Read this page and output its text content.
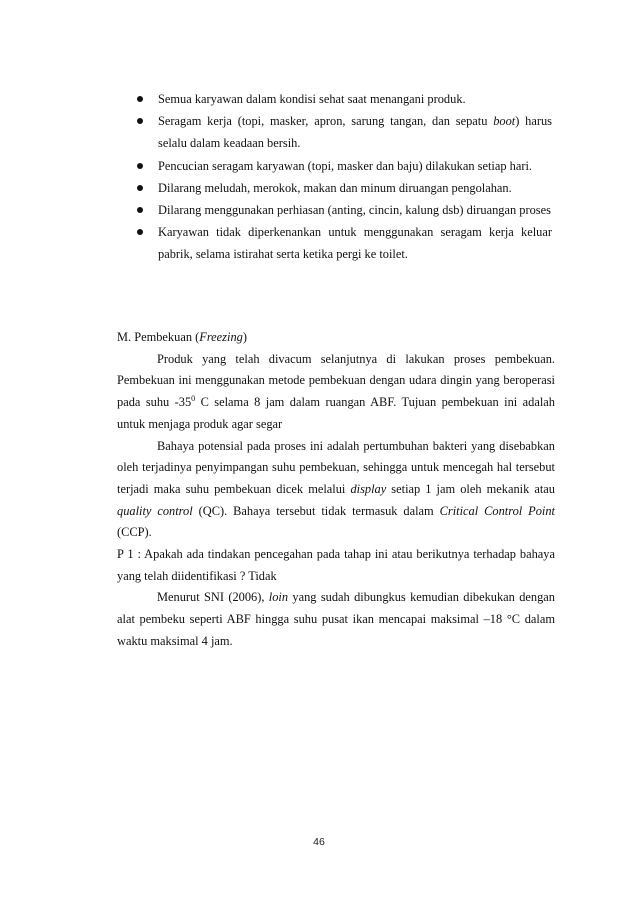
Semua karyawan dalam kondisi sehat saat menangani produk.
Seragam kerja (topi, masker, apron, sarung tangan, dan sepatu boot) harus selalu dalam keadaan bersih.
Pencucian seragam karyawan (topi, masker dan baju) dilakukan setiap hari.
Dilarang meludah, merokok, makan dan minum diruangan pengolahan.
Dilarang menggunakan perhiasan (anting, cincin, kalung dsb) diruangan proses
Karyawan tidak diperkenankan untuk menggunakan seragam kerja keluar pabrik, selama istirahat serta ketika pergi ke toilet.

M. Pembekuan (Freezing)

Produk yang telah divacum selanjutnya di lakukan proses pembekuan. Pembekuan ini menggunakan metode pembekuan dengan udara dingin yang beroperasi pada suhu $-35^0$ C selama 8 jam dalam ruangan ABF. Tujuan pembekuan ini adalah untuk menjaga produk agar segar

Bahaya potensial pada proses ini adalah pertumbuhan bakteri yang disebabkan oleh terjadinya penyimpangan suhu pembekuan, sehingga untuk mencegah hal tersebut terjadi maka suhu pembekuan dicek melalui display setiap 1 jam oleh mekanik atau quality control (QC). Bahaya tersebut tidak termasuk dalam Critical Control Point (CCP).

P 1 : Apakah ada tindakan pencegahan pada tahap ini atau berikutnya terhadap bahaya yang telah diidentifikasi ? Tidak

Menurut SNI (2006), loin yang sudah dibungkus kemudian dibekukan dengan alat pembeku seperti ABF hingga suhu pusat ikan mencapai maksimal –18 °C dalam waktu maksimal 4 jam.

46
